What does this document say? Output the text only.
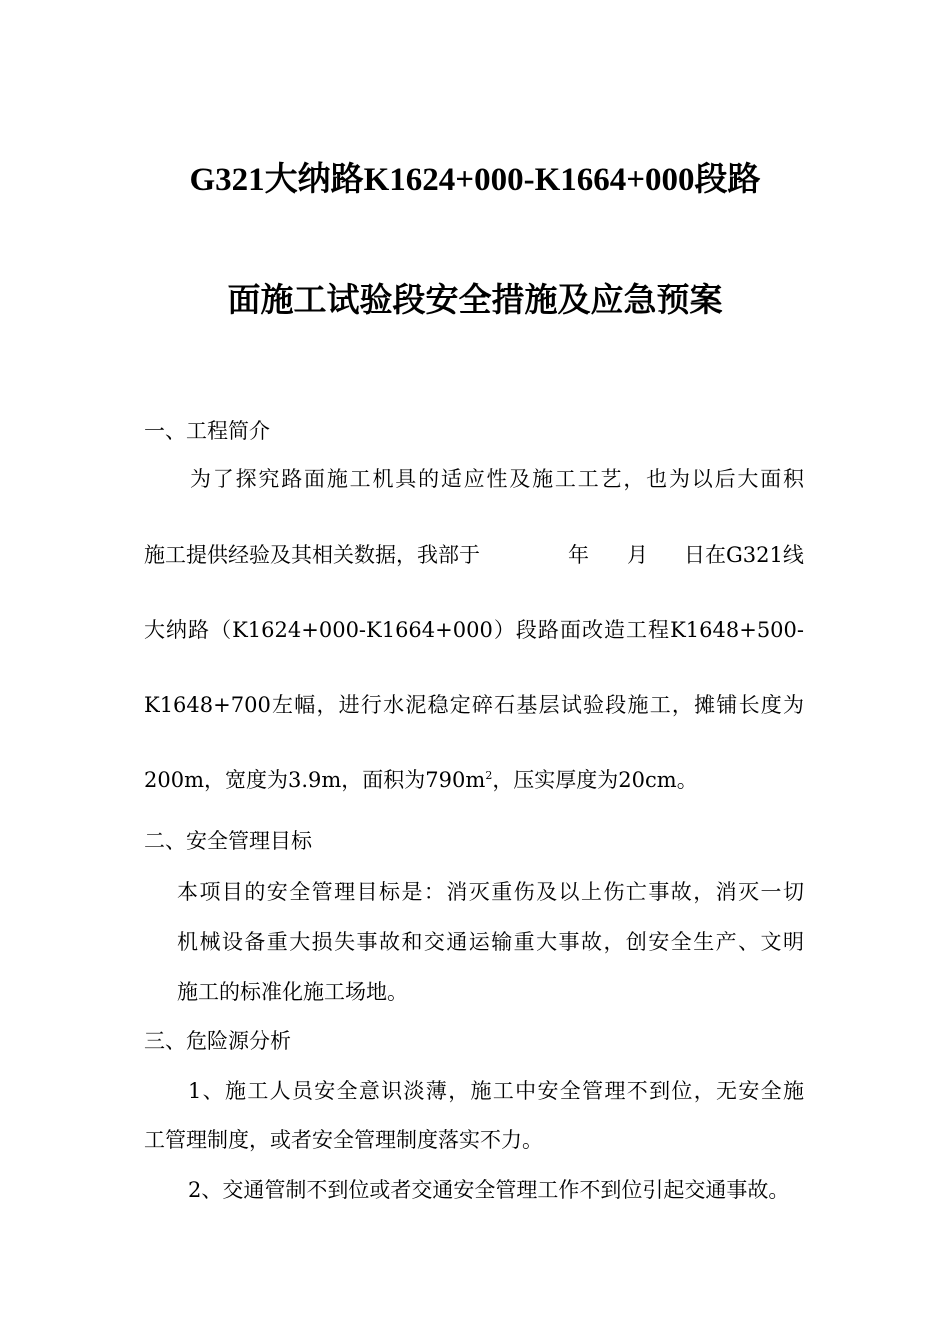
G321大纳路K1624+000-K1664+000段路
面施工试验段安全措施及应急预案
一、工程简介
为了探究路面施工机具的适应性及施工工艺，也为以后大面积
施工提供经验及其相关数据，我部于	年 月 日在G321线
大纳路（K1624+000-K1664+000）段路面改造工程K1648+500-
K1648+700左幅，进行水泥稳定碎石基层试验段施工，摊铺长度为
200m，宽度为3.9m，面积为$790m^2$，压实厚度为20cm。
二、安全管理目标
本项目的安全管理目标是：消灭重伤及以上伤亡事故，消灭一切
机械设备重大损失事故和交通运输重大事故，创安全生产、文明
施工的标准化施工场地。
三、危险源分析
1、施工人员安全意识淡薄，施工中安全管理不到位，无安全施
工管理制度，或者安全管理制度落实不力。
2、交通管制不到位或者交通安全管理工作不到位引起交通事故。
